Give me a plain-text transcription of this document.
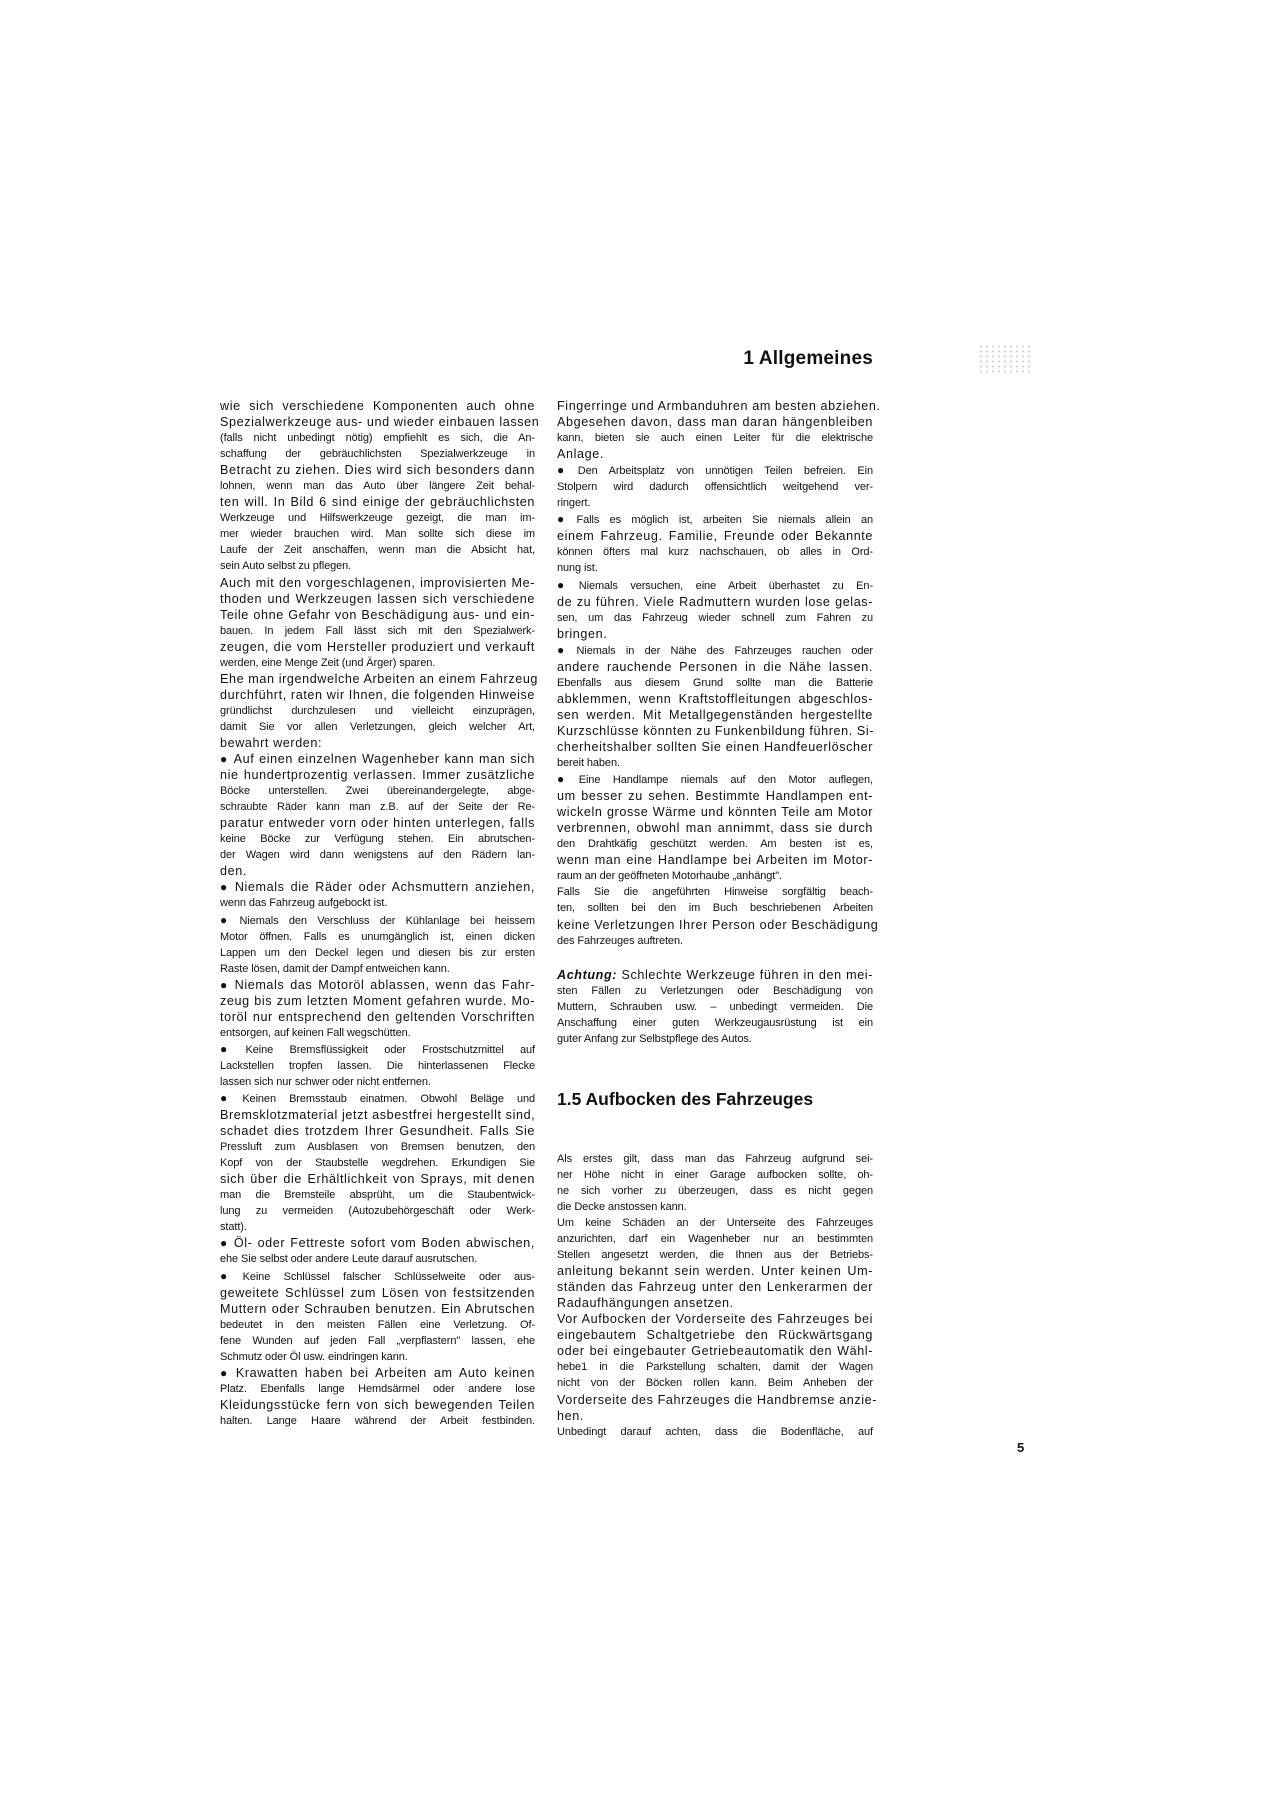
1 Allgemeines
wie sich verschiedene Komponenten auch ohne
Spezialwerkzeuge aus- und wieder einbauen lassen
(falls nicht unbedingt nötig) empfiehlt es sich, die An-
schaffung der gebräuchlichsten Spezialwerkzeuge in
Betracht zu ziehen. Dies wird sich besonders dann
lohnen, wenn man das Auto über längere Zeit behal-
ten will. In Bild 6 sind einige der gebräuchlichsten
Werkzeuge und Hilfswerkzeuge gezeigt, die man im-
mer wieder brauchen wird. Man sollte sich diese im
Laufe der Zeit anschaffen, wenn man die Absicht hat,
sein Auto selbst zu pflegen.
Auch mit den vorgeschlagenen, improvisierten Me-
thoden und Werkzeugen lassen sich verschiedene
Teile ohne Gefahr von Beschädigung aus- und ein-
bauen. In jedem Fall lässt sich mit den Spezialwerk-
zeugen, die vom Hersteller produziert und verkauft
werden, eine Menge Zeit (und Ärger) sparen.
Ehe man irgendwelche Arbeiten an einem Fahrzeug
durchführt, raten wir Ihnen, die folgenden Hinweise
gründlichst durchzulesen und vielleicht einzuprägen,
damit Sie vor allen Verletzungen, gleich welcher Art,
bewahrt werden:
● Auf einen einzelnen Wagenheber kann man sich
nie hundertprozentig verlassen. Immer zusätzliche
Böcke unterstellen. Zwei übereinandergelegte, abge-
schraubte Räder kann man z.B. auf der Seite der Re-
paratur entweder vorn oder hinten unterlegen, falls
keine Böcke zur Verfügung stehen. Ein abrutschen-
der Wagen wird dann wenigstens auf den Rädern lan-
den.
● Niemals die Räder oder Achsmuttern anziehen,
wenn das Fahrzeug aufgebockt ist.
● Niemals den Verschluss der Kühlanlage bei heissem
Motor öffnen. Falls es unumgänglich ist, einen dicken
Lappen um den Deckel legen und diesen bis zur ersten
Raste lösen, damit der Dampf entweichen kann.
● Niemals das Motoröl ablassen, wenn das Fahr-
zeug bis zum letzten Moment gefahren wurde. Mo-
toröl nur entsprechend den geltenden Vorschriften
entsorgen, auf keinen Fall wegschütten.
● Keine Bremsflüssigkeit oder Frostschutzmittel auf
Lackstellen tropfen lassen. Die hinterlassenen Flecke
lassen sich nur schwer oder nicht entfernen.
● Keinen Bremsstaub einatmen. Obwohl Beläge und
Bremsklotzmaterial jetzt asbestfrei hergestellt sind,
schadet dies trotzdem Ihrer Gesundheit. Falls Sie
Pressluft zum Ausblasen von Bremsen benutzen, den
Kopf von der Staubstelle wegdrehen. Erkundigen Sie
sich über die Erhältlichkeit von Sprays, mit denen
man die Bremsteile absprüht, um die Staubentwick-
lung zu vermeiden (Autozubehörgeschäft oder Werk-
statt).
● Öl- oder Fettreste sofort vom Boden abwischen,
ehe Sie selbst oder andere Leute darauf ausrutschen.
● Keine Schlüssel falscher Schlüsselweite oder aus-
geweitete Schlüssel zum Lösen von festsitzenden
Muttern oder Schrauben benutzen. Ein Abrutschen
bedeutet in den meisten Fällen eine Verletzung. Of-
fene Wunden auf jeden Fall „verpflastern" lassen, ehe
Schmutz oder Öl usw. eindringen kann.
● Krawatten haben bei Arbeiten am Auto keinen
Platz. Ebenfalls lange Hemdsärmel oder andere lose
Kleidungsstücke fern von sich bewegenden Teilen
halten. Lange Haare während der Arbeit festbinden.
Fingerringe und Armbanduhren am besten abziehen.
Abgesehen davon, dass man daran hängenbleiben
kann, bieten sie auch einen Leiter für die elektrische
Anlage.
● Den Arbeitsplatz von unnötigen Teilen befreien. Ein
Stolpern wird dadurch offensichtlich weitgehend ver-
ringert.
● Falls es möglich ist, arbeiten Sie niemals allein an
einem Fahrzeug. Familie, Freunde oder Bekannte
können öfters mal kurz nachschauen, ob alles in Ord-
nung ist.
● Niemals versuchen, eine Arbeit überhastet zu En-
de zu führen. Viele Radmuttern wurden lose gelas-
sen, um das Fahrzeug wieder schnell zum Fahren zu
bringen.
● Niemals in der Nähe des Fahrzeuges rauchen oder
andere rauchende Personen in die Nähe lassen.
Ebenfalls aus diesem Grund sollte man die Batterie
abklemmen, wenn Kraftstoffleitungen abgeschlos-
sen werden. Mit Metallgegenständen hergestellte
Kurzschlüsse könnten zu Funkenbildung führen. Si-
cherheitshalber sollten Sie einen Handfeuerlöscher
bereit haben.
● Eine Handlampe niemals auf den Motor auflegen,
um besser zu sehen. Bestimmte Handlampen ent-
wickeln grosse Wärme und könnten Teile am Motor
verbrennen, obwohl man annimmt, dass sie durch
den Drahtkäfig geschützt werden. Am besten ist es,
wenn man eine Handlampe bei Arbeiten im Motor-
raum an der geöffneten Motorhaube „anhängt".
Falls Sie die angeführten Hinweise sorgfältig beach-
ten, sollten bei den im Buch beschriebenen Arbeiten
keine Verletzungen Ihrer Person oder Beschädigung
des Fahrzeuges auftreten.
Achtung: Schlechte Werkzeuge führen in den mei-
sten Fällen zu Verletzungen oder Beschädigung von
Muttern, Schrauben usw. – unbedingt vermeiden. Die
Anschaffung einer guten Werkzeugausrüstung ist ein
guter Anfang zur Selbstpflege des Autos.
1.5 Aufbocken des Fahrzeuges
Als erstes gilt, dass man das Fahrzeug aufgrund sei-
ner Höhe nicht in einer Garage aufbocken sollte, oh-
ne sich vorher zu überzeugen, dass es nicht gegen
die Decke anstossen kann.
Um keine Schäden an der Unterseite des Fahrzeuges
anzurichten, darf ein Wagenheber nur an bestimmten
Stellen angesetzt werden, die Ihnen aus der Betriebs-
anleitung bekannt sein werden. Unter keinen Um-
ständen das Fahrzeug unter den Lenkerarmen der
Radaufhängungen ansetzen.
Vor Aufbocken der Vorderseite des Fahrzeuges bei
eingebautem Schaltgetriebe den Rückwärtsgang
oder bei eingebauter Getriebeautomatik den Wähl-
hebe1 in die Parkstellung schalten, damit der Wagen
nicht von der Böcken rollen kann. Beim Anheben der
Vorderseite des Fahrzeuges die Handbremse anzie-
hen.
Unbedingt darauf achten, dass die Bodenfläche, auf
5
